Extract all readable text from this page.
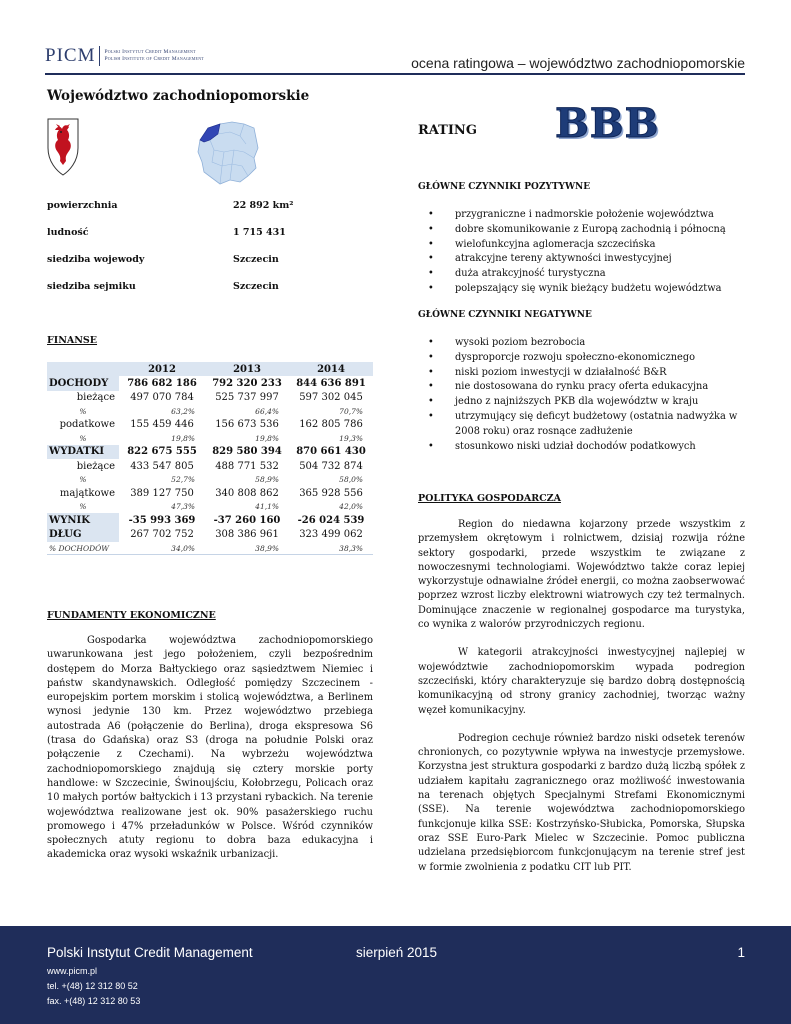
PICM Polski Instytut Credit Management
Polish Institute of Credit Management	ocena ratingowa – województwo zachodniopomorskie
Województwo zachodniopomorskie
powierzchnia	22 892 km²
ludność	1 715 431
siedziba wojewody	Szczecin
siedziba sejmiku	Szczecin
FINANSE
	2012	2013	2014
DOCHODY	786 682 186	792 320 233	844 636 891
bieżące	497 070 784	525 737 997	597 302 045
%	63,2%	66,4%	70,7%
podatkowe	155 459 446	156 673 536	162 805 786
%	19,8%	19,8%	19,3%
WYDATKI	822 675 555	829 580 394	870 661 430
bieżące	433 547 805	488 771 532	504 732 874
%	52,7%	58,9%	58,0%
majątkowe	389 127 750	340 808 862	365 928 556
%	47,3%	41,1%	42,0%
WYNIK	-35 993 369	-37 260 160	-26 024 539
DŁUG	267 702 752	308 386 961	323 499 062
% DOCHODÓW	34,0%	38,9%	38,3%
FUNDAMENTY EKONOMICZNE

Gospodarka województwa zachodniopomorskiego uwarunkowana jest jego położeniem, czyli bezpośrednim dostępem do Morza Bałtyckiego oraz sąsiedztwem Niemiec i państw skandynawskich. Odległość pomiędzy Szczecinem - europejskim portem morskim i stolicą województwa, a Berlinem wynosi jedynie 130 km. Przez województwo przebiega autostrada A6 (połączenie do Berlina), droga ekspresowa S6 (trasa do Gdańska) oraz S3 (droga na południe Polski oraz połączenie z Czechami). Na wybrzeżu województwa zachodniopomorskiego znajdują się cztery morskie porty handlowe: w Szczecinie, Świnoujściu, Kołobrzegu, Policach oraz 10 małych portów bałtyckich i 13 przystani rybackich. Na terenie województwa realizowane jest ok. 90% pasażerskiego ruchu promowego i 47% przeładunków w Polsce. Wśród czynników społecznych atuty regionu to dobra baza edukacyjna i akademicka oraz wysoki wskaźnik urbanizacji.

RATING BBB
GŁÓWNE CZYNNIKI POZYTYWNE
• przygraniczne i nadmorskie położenie województwa
• dobre skomunikowanie z Europą zachodnią i północną
• wielofunkcyjna aglomeracja szczecińska
• atrakcyjne tereny aktywności inwestycyjnej
• duża atrakcyjność turystyczna
• polepszający się wynik bieżący budżetu województwa
GŁÓWNE CZYNNIKI NEGATYWNE
• wysoki poziom bezrobocia
• dysproporcje rozwoju społeczno-ekonomicznego
• niski poziom inwestycji w działalność B&R
• nie dostosowana do rynku pracy oferta edukacyjna
• jedno z najniższych PKB dla województw w kraju
• utrzymujący się deficyt budżetowy (ostatnia nadwyżka w 2008 roku) oraz rosnące zadłużenie
• stosunkowo niski udział dochodów podatkowych
POLITYKA GOSPODARCZA

Region do niedawna kojarzony przede wszystkim z przemysłem okrętowym i rolnictwem, dzisiaj rozwija różne sektory gospodarki, przede wszystkim te związane z nowoczesnymi technologiami. Województwo także coraz lepiej wykorzystuje odnawialne źródeł energii, co można zaobserwować poprzez wzrost liczby elektrowni wiatrowych czy też termalnych. Dominujące znaczenie w regionalnej gospodarce ma turystyka, co wynika z walorów przyrodniczych regionu.

W kategorii atrakcyjności inwestycyjnej najlepiej w województwie zachodniopomorskim wypada podregion szczeciński, który charakteryzuje się bardzo dobrą dostępnością komunikacyjną od strony granicy zachodniej, tworząc ważny węzeł komunikacyjny.

Podregion cechuje również bardzo niski odsetek terenów chronionych, co pozytywnie wpływa na inwestycje przemysłowe. Korzystna jest struktura gospodarki z bardzo dużą liczbą spółek z udziałem kapitału zagranicznego oraz możliwość inwestowania na terenach objętych Specjalnymi Strefami Ekonomicznymi (SSE). Na terenie województwa zachodniopomorskiego funkcjonuje kilka SSE: Kostrzyńsko-Słubicka, Pomorska, Słupska oraz SSE Euro-Park Mielec w Szczecinie. Pomoc publiczna udzielana przedsiębiorcom funkcjonującym na terenie stref jest w formie zwolnienia z podatku CIT lub PIT.

Polski Instytut Credit Management	sierpień 2015	1
www.picm.pl
tel. +(48) 12 312 80 52
fax. +(48) 12 312 80 53
